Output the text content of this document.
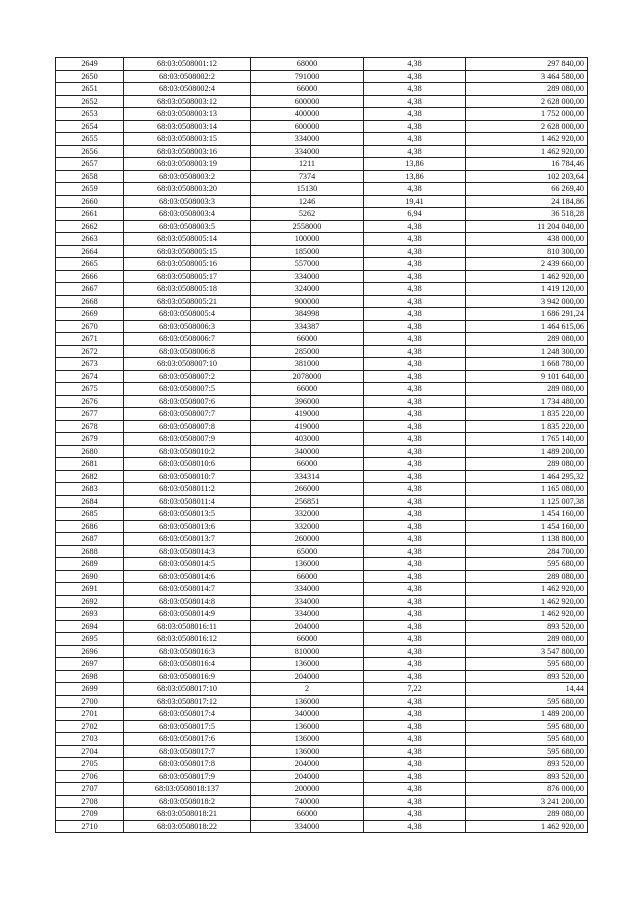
2649	68:03:0508001:12	68000	4,38	297 840,00
2650	68:03:0508002:2	791000	4,38	3 464 580,00
2651	68:03:0508002:4	66000	4,38	289 080,00
2652	68:03:0508003:12	600000	4,38	2 628 000,00
2653	68:03:0508003:13	400000	4,38	1 752 000,00
2654	68:03:0508003:14	600000	4,38	2 628 000,00
2655	68:03:0508003:15	334000	4,38	1 462 920,00
2656	68:03:0508003:16	334000	4,38	1 462 920,00
2657	68:03:0508003:19	1211	13,86	16 784,46
2658	68:03:0508003:2	7374	13,86	102 203,64
2659	68:03:0508003:20	15130	4,38	66 269,40
2660	68:03:0508003:3	1246	19,41	24 184,86
2661	68:03:0508003:4	5262	6,94	36 518,28
2662	68:03:0508003:5	2558000	4,38	11 204 040,00
2663	68:03:0508005:14	100000	4,38	438 000,00
2664	68:03:0508005:15	185000	4,38	810 300,00
2665	68:03:0508005:16	557000	4,38	2 439 660,00
2666	68:03:0508005:17	334000	4,38	1 462 920,00
2667	68:03:0508005:18	324000	4,38	1 419 120,00
2668	68:03:0508005:21	900000	4,38	3 942 000,00
2669	68:03:0508005:4	384998	4,38	1 686 291,24
2670	68:03:0508006:3	334387	4,38	1 464 615,06
2671	68:03:0508006:7	66000	4,38	289 080,00
2672	68:03:0508006:8	285000	4,38	1 248 300,00
2673	68:03:0508007:10	381000	4,38	1 668 780,00
2674	68:03:0508007:2	2078000	4,38	9 101 640,00
2675	68:03:0508007:5	66000	4,38	289 080,00
2676	68:03:0508007:6	396000	4,38	1 734 480,00
2677	68:03:0508007:7	419000	4,38	1 835 220,00
2678	68:03:0508007:8	419000	4,38	1 835 220,00
2679	68:03:0508007:9	403000	4,38	1 765 140,00
2680	68:03:0508010:2	340000	4,38	1 489 200,00
2681	68:03:0508010:6	66000	4,38	289 080,00
2682	68:03:0508010:7	334314	4,38	1 464 295,32
2683	68:03:0508011:2	266000	4,38	1 165 080,00
2684	68:03:0508011:4	256851	4,38	1 125 007,38
2685	68:03:0508013:5	332000	4,38	1 454 160,00
2686	68:03:0508013:6	332000	4,38	1 454 160,00
2687	68:03:0508013:7	260000	4,38	1 138 800,00
2688	68:03:0508014:3	65000	4,38	284 700,00
2689	68:03:0508014:5	136000	4,38	595 680,00
2690	68:03:0508014:6	66000	4,38	289 080,00
2691	68:03:0508014:7	334000	4,38	1 462 920,00
2692	68:03:0508014:8	334000	4,38	1 462 920,00
2693	68:03:0508014:9	334000	4,38	1 462 920,00
2694	68:03:0508016:11	204000	4,38	893 520,00
2695	68:03:0508016:12	66000	4,38	289 080,00
2696	68:03:0508016:3	810000	4,38	3 547 800,00
2697	68:03:0508016:4	136000	4,38	595 680,00
2698	68:03:0508016:9	204000	4,38	893 520,00
2699	68:03:0508017:10	2	7,22	14,44
2700	68:03:0508017:12	136000	4,38	595 680,00
2701	68:03:0508017:4	340000	4,38	1 489 200,00
2702	68:03:0508017:5	136000	4,38	595 680,00
2703	68:03:0508017:6	136000	4,38	595 680,00
2704	68:03:0508017:7	136000	4,38	595 680,00
2705	68:03:0508017:8	204000	4,38	893 520,00
2706	68:03:0508017:9	204000	4,38	893 520,00
2707	68:03:0508018:137	200000	4,38	876 000,00
2708	68:03:0508018:2	740000	4,38	3 241 200,00
2709	68:03:0508018:21	66000	4,38	289 080,00
2710	68:03:0508018:22	334000	4,38	1 462 920,00
